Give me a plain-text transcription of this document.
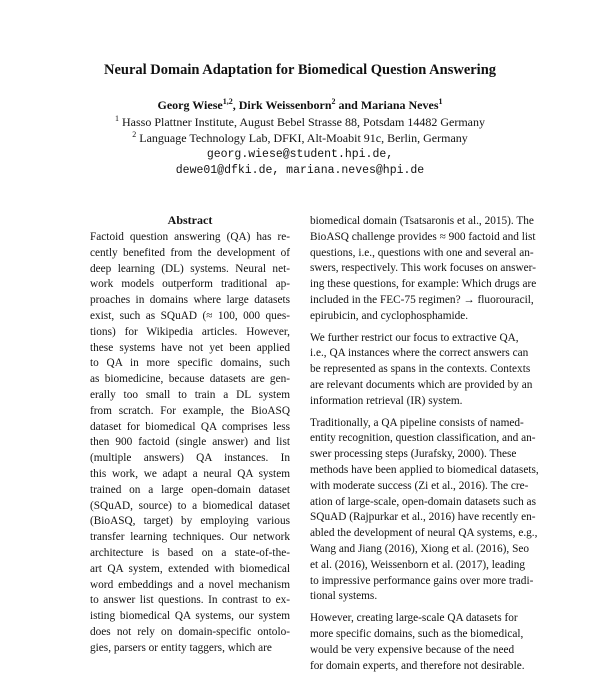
Neural Domain Adaptation for Biomedical Question Answering
Georg Wiese$^{1,2}$, Dirk Weissenborn$^2$ and Mariana Neves$^1$
$^1$ Hasso Plattner Institute, August Bebel Strasse 88, Potsdam 14482 Germany
$^2$ Language Technology Lab, DFKI, Alt-Moabit 91c, Berlin, Germany
georg.wiese@student.hpi.de,
dewe01@dfki.de, mariana.neves@hpi.de
Abstract
Factoid question answering (QA) has re-
cently benefited from the development of
deep learning (DL) systems. Neural net-
work models outperform traditional ap-
proaches in domains where large datasets
exist, such as SQuAD (≈ 100, 000 ques-
tions) for Wikipedia articles. However,
these systems have not yet been applied
to QA in more specific domains, such
as biomedicine, because datasets are gen-
erally too small to train a DL system
from scratch. For example, the BioASQ
dataset for biomedical QA comprises less
then 900 factoid (single answer) and list
(multiple answers) QA instances. In
this work, we adapt a neural QA system
trained on a large open-domain dataset
(SQuAD, source) to a biomedical dataset
(BioASQ, target) by employing various
transfer learning techniques. Our network
architecture is based on a state-of-the-
art QA system, extended with biomedical
word embeddings and a novel mechanism
to answer list questions. In contrast to ex-
isting biomedical QA systems, our system
does not rely on domain-specific ontolo-
gies, parsers or entity taggers, which are
biomedical domain (Tsatsaronis et al., 2015). The
BioASQ challenge provides ≈ 900 factoid and list
questions, i.e., questions with one and several an-
swers, respectively. This work focuses on answer-
ing these questions, for example: Which drugs are
included in the FEC-75 regimen? → fluorouracil,
epirubicin, and cyclophosphamide.
We further restrict our focus to extractive QA,
i.e., QA instances where the correct answers can
be represented as spans in the contexts. Contexts
are relevant documents which are provided by an
information retrieval (IR) system.
Traditionally, a QA pipeline consists of named-
entity recognition, question classification, and an-
swer processing steps (Jurafsky, 2000). These
methods have been applied to biomedical datasets,
with moderate success (Zi et al., 2016). The cre-
ation of large-scale, open-domain datasets such as
SQuAD (Rajpurkar et al., 2016) have recently en-
abled the development of neural QA systems, e.g.,
Wang and Jiang (2016), Xiong et al. (2016), Seo
et al. (2016), Weissenborn et al. (2017), leading
to impressive performance gains over more tradi-
tional systems.
However, creating large-scale QA datasets for
more specific domains, such as the biomedical,
would be very expensive because of the need
for domain experts, and therefore not desirable.
